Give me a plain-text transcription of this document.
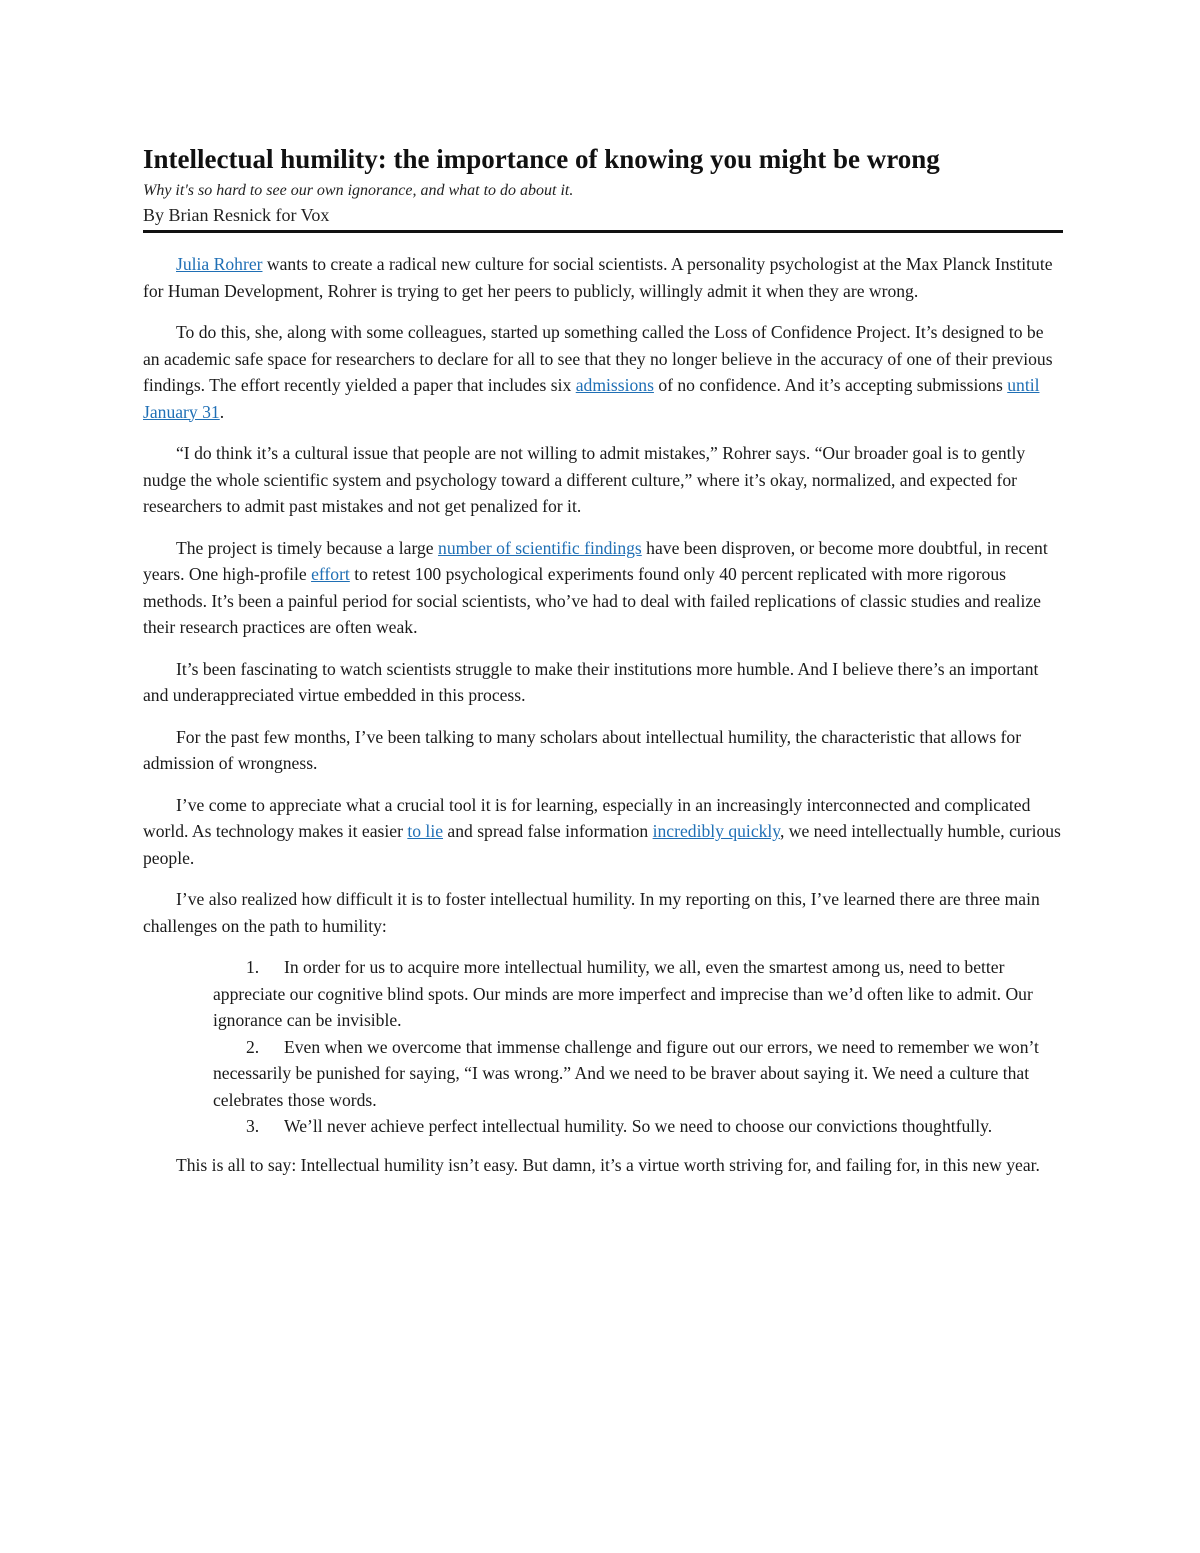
Intellectual humility: the importance of knowing you might be wrong
Why it's so hard to see our own ignorance, and what to do about it.
By Brian Resnick for Vox

Julia Rohrer wants to create a radical new culture for social scientists. A personality psychologist at the Max Planck Institute for Human Development, Rohrer is trying to get her peers to publicly, willingly admit it when they are wrong.

To do this, she, along with some colleagues, started up something called the Loss of Confidence Project. It’s designed to be an academic safe space for researchers to declare for all to see that they no longer believe in the accuracy of one of their previous findings. The effort recently yielded a paper that includes six admissions of no confidence. And it’s accepting submissions until January 31.

“I do think it’s a cultural issue that people are not willing to admit mistakes,” Rohrer says. “Our broader goal is to gently nudge the whole scientific system and psychology toward a different culture,” where it’s okay, normalized, and expected for researchers to admit past mistakes and not get penalized for it.

The project is timely because a large number of scientific findings have been disproven, or become more doubtful, in recent years. One high-profile effort to retest 100 psychological experiments found only 40 percent replicated with more rigorous methods. It’s been a painful period for social scientists, who’ve had to deal with failed replications of classic studies and realize their research practices are often weak.

It’s been fascinating to watch scientists struggle to make their institutions more humble. And I believe there’s an important and underappreciated virtue embedded in this process.

For the past few months, I’ve been talking to many scholars about intellectual humility, the characteristic that allows for admission of wrongness.

I’ve come to appreciate what a crucial tool it is for learning, especially in an increasingly interconnected and complicated world. As technology makes it easier to lie and spread false information incredibly quickly, we need intellectually humble, curious people.

I’ve also realized how difficult it is to foster intellectual humility. In my reporting on this, I’ve learned there are three main challenges on the path to humility:

1. In order for us to acquire more intellectual humility, we all, even the smartest among us, need to better appreciate our cognitive blind spots. Our minds are more imperfect and imprecise than we’d often like to admit. Our ignorance can be invisible.
2. Even when we overcome that immense challenge and figure out our errors, we need to remember we won’t necessarily be punished for saying, “I was wrong.” And we need to be braver about saying it. We need a culture that celebrates those words.
3. We’ll never achieve perfect intellectual humility. So we need to choose our convictions thoughtfully.

This is all to say: Intellectual humility isn’t easy. But damn, it’s a virtue worth striving for, and failing for, in this new year.
